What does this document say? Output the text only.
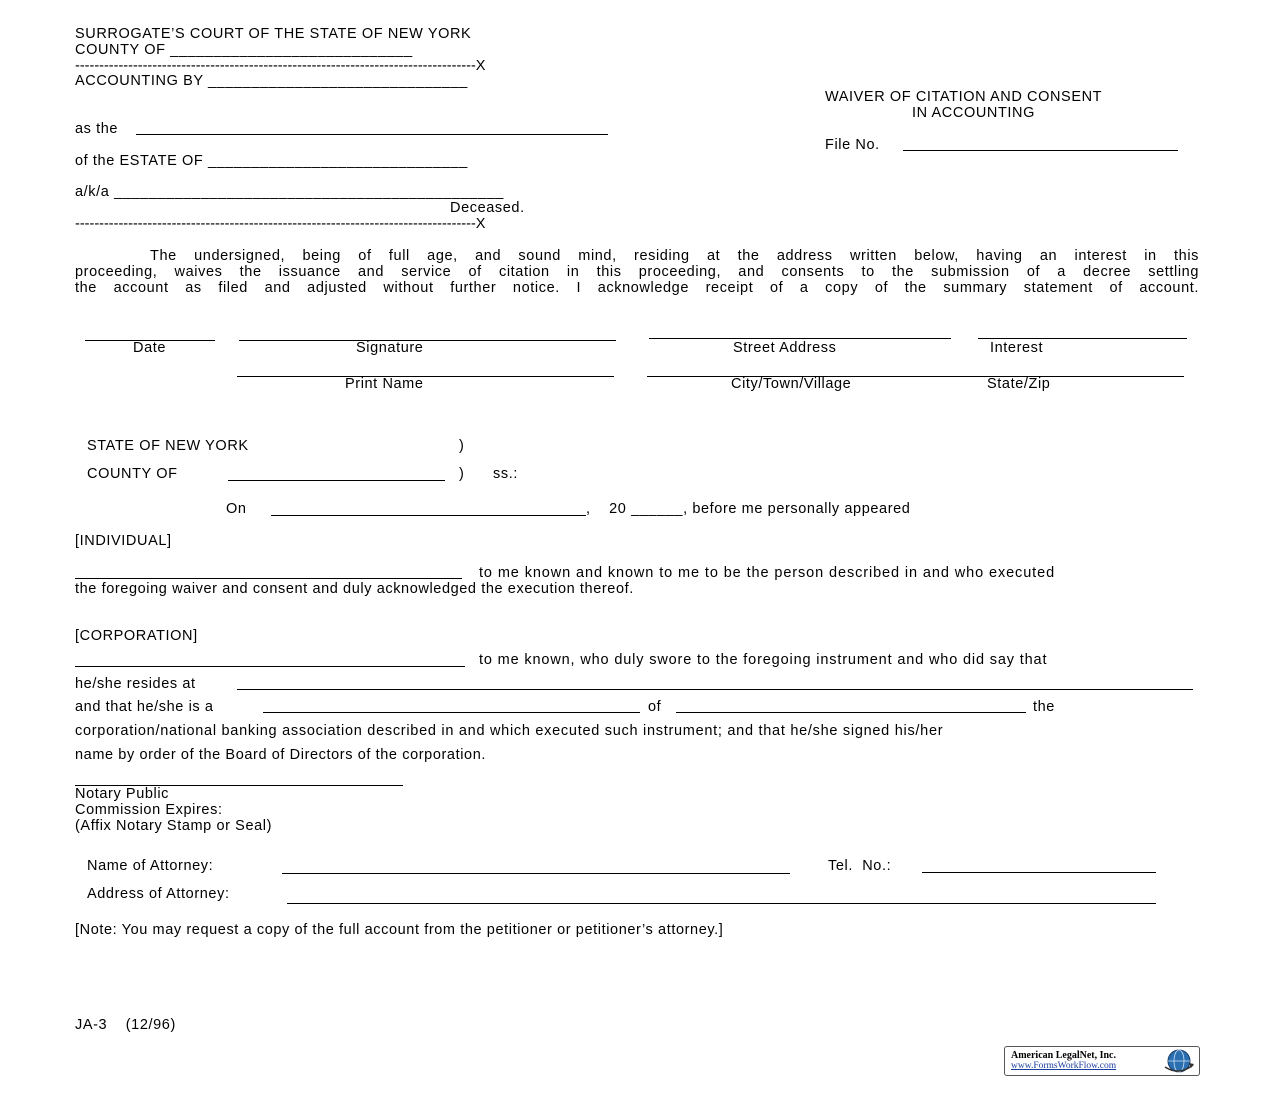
SURROGATE’S COURT OF THE STATE OF NEW YORK
COUNTY OF ____________________________
-----------------------------------------------------------------------------------X
ACCOUNTING BY ______________________________
as the
of the ESTATE OF ______________________________
a/k/a _____________________________________________
Deceased.
-----------------------------------------------------------------------------------X
WAIVER OF CITATION AND CONSENT
IN ACCOUNTING
File No.
The undersigned, being of full age, and sound mind, residing at the address written below, having an interest in this
proceeding, waives the issuance and service of citation in this proceeding, and consents to the submission of a decree settling
the account as filed and adjusted without further notice. I acknowledge receipt of a copy of the summary statement of account.
Date	Signature	Street Address	Interest
Print Name	City/Town/Village	State/Zip
STATE OF NEW YORK	)
COUNTY OF	) ss.:
On	,    20 ______, before me personally appeared
[INDIVIDUAL]
to me known and known to me to be the person described in and who executed
the foregoing waiver and consent and duly acknowledged the execution thereof.
[CORPORATION]
to me known, who duly swore to the foregoing instrument and who did say that
he/she resides at
and that he/she is a	of	the
corporation/national banking association described in and which executed such instrument; and that he/she signed his/her
name by order of the Board of Directors of the corporation.
Notary Public
Commission Expires:
(Affix Notary Stamp or Seal)
Name of Attorney:	Tel.  No.:
Address of Attorney:
[Note: You may request a copy of the full account from the petitioner or petitioner’s attorney.]
JA-3    (12/96)
American LegalNet, Inc.
www.FormsWorkFlow.com
